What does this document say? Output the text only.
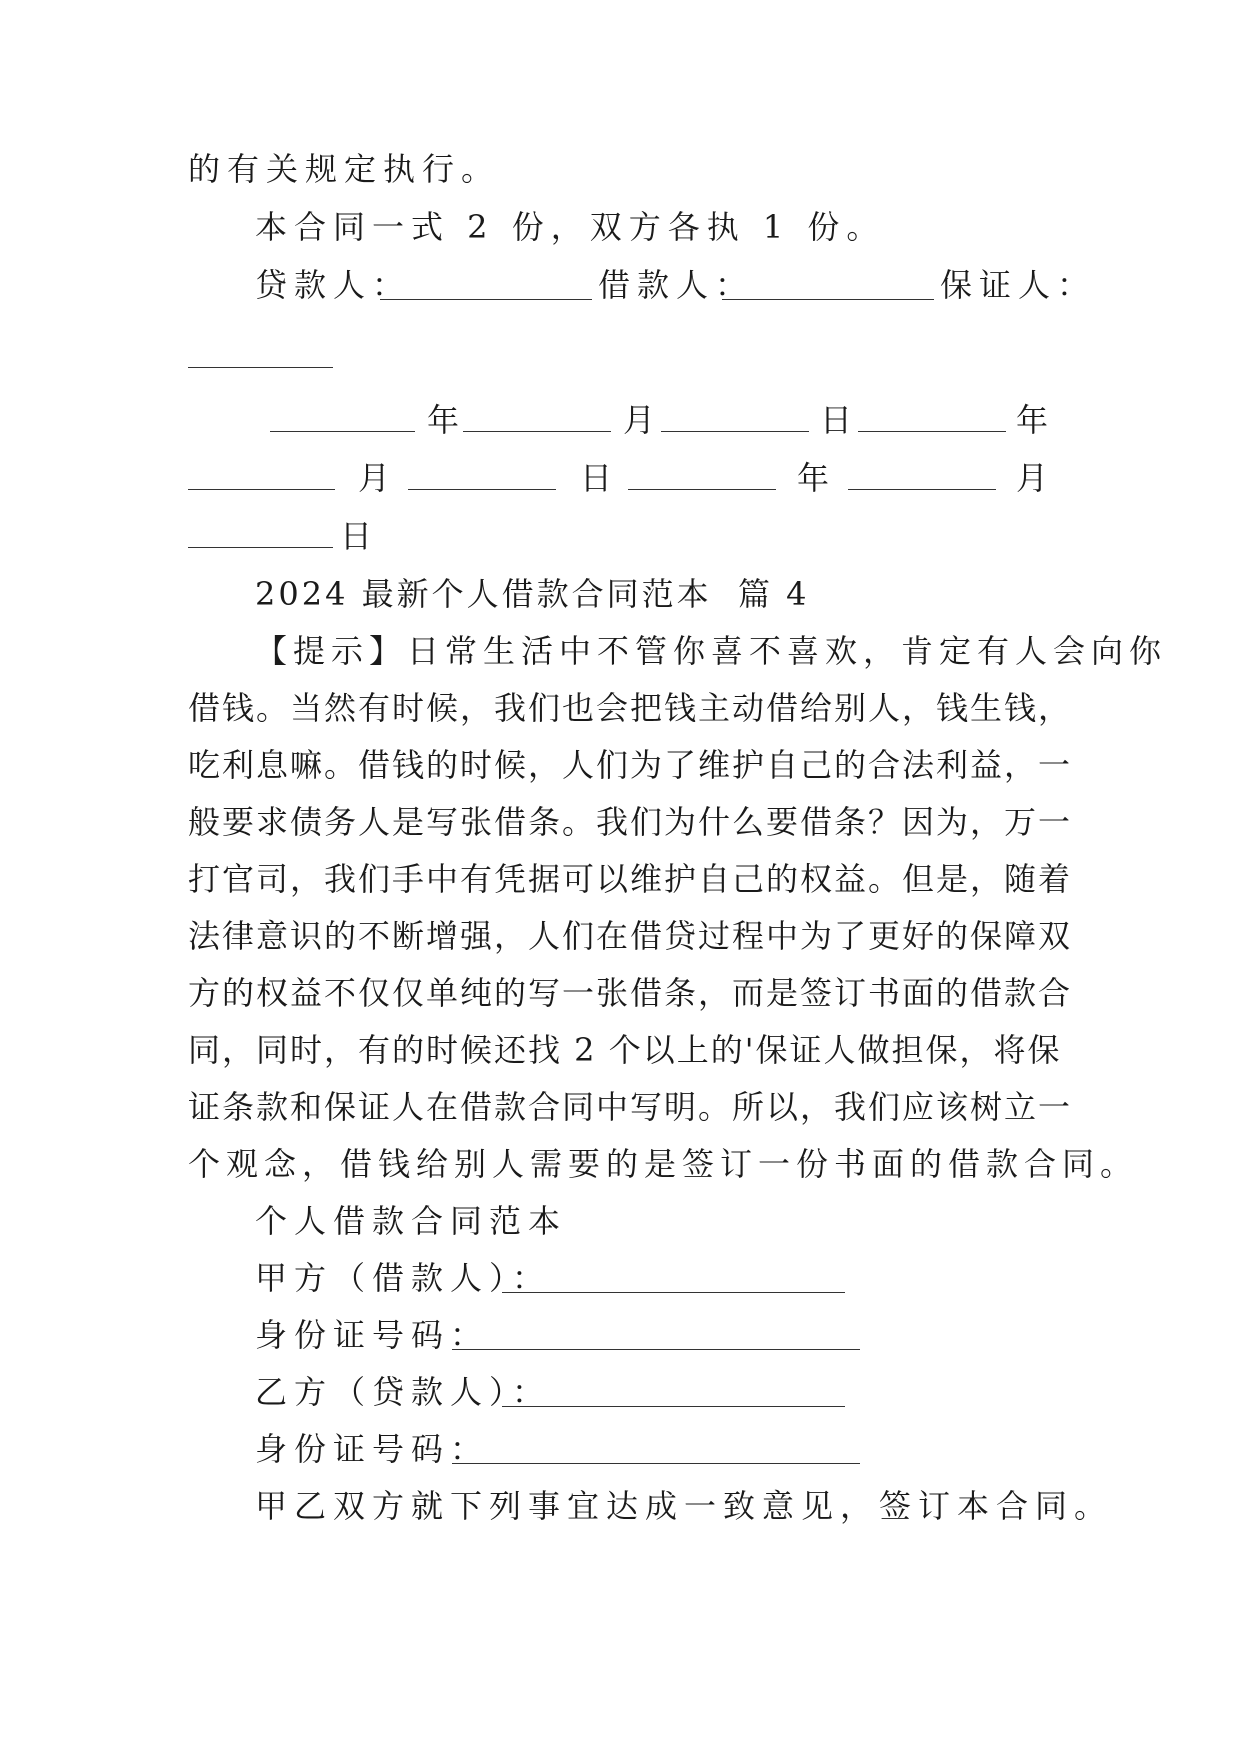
的有关规定执行。
本合同一式 2 份，双方各执 1 份。
贷款人：	借款人：	保证人：
年	月	日	年
月	日	年	月
日
2024 最新个人借款合同范本  篇 4
【提示】日常生活中不管你喜不喜欢，肯定有人会向你
借钱。当然有时候，我们也会把钱主动借给别人，钱生钱，
吃利息嘛。借钱的时候，人们为了维护自己的合法利益，一
般要求债务人是写张借条。我们为什么要借条？因为，万一
打官司，我们手中有凭据可以维护自己的权益。但是，随着
法律意识的不断增强，人们在借贷过程中为了更好的保障双
方的权益不仅仅单纯的写一张借条，而是签订书面的借款合
同，同时，有的时候还找 2 个以上的'保证人做担保，将保
证条款和保证人在借款合同中写明。所以，我们应该树立一
个观念，借钱给别人需要的是签订一份书面的借款合同。
个人借款合同范本
甲方（借款人）：
身份证号码：
乙方（贷款人）：
身份证号码：
甲乙双方就下列事宜达成一致意见，签订本合同。
